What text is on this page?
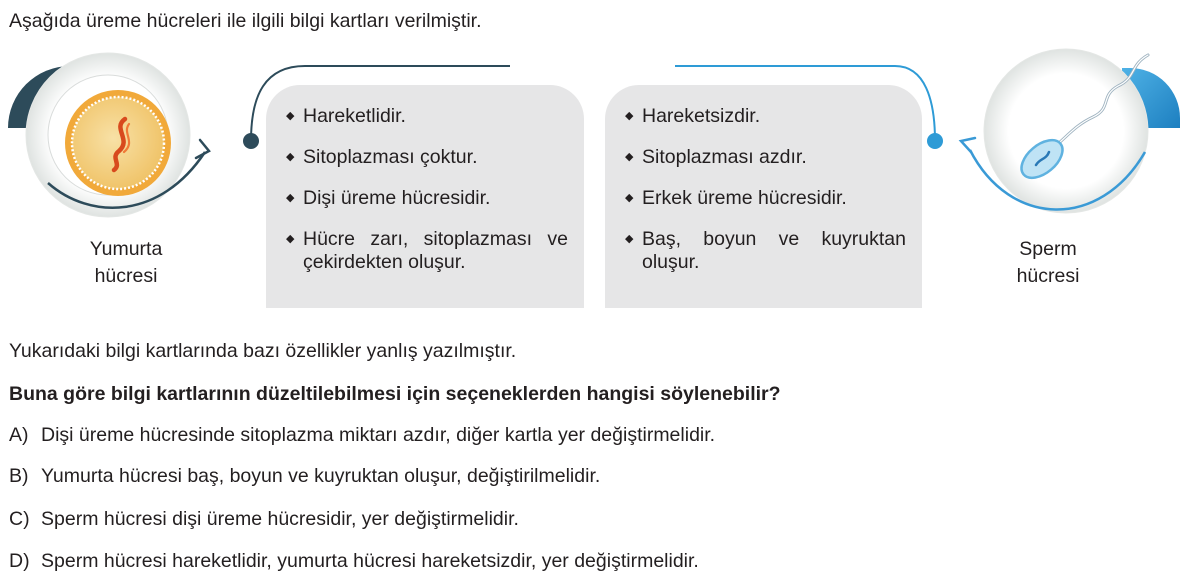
Aşağıda üreme hücreleri ile ilgili bilgi kartları verilmiştir.
◆ Hareketlidir.
◆ Sitoplazması çoktur.
◆ Dişi üreme hücresidir.
◆ Hücre zarı, sitoplazması ve çekirdekten oluşur.
◆ Hareketsizdir.
◆ Sitoplazması azdır.
◆ Erkek üreme hücresidir.
◆ Baş, boyun ve kuyruktan oluşur.
Yumurta
hücresi
Sperm
hücresi
Yukarıdaki bilgi kartlarında bazı özellikler yanlış yazılmıştır.
Buna göre bilgi kartlarının düzeltilebilmesi için seçeneklerden hangisi söylenebilir?
A) Dişi üreme hücresinde sitoplazma miktarı azdır, diğer kartla yer değiştirmelidir.
B) Yumurta hücresi baş, boyun ve kuyruktan oluşur, değiştirilmelidir.
C) Sperm hücresi dişi üreme hücresidir, yer değiştirmelidir.
D) Sperm hücresi hareketlidir, yumurta hücresi hareketsizdir, yer değiştirmelidir.
